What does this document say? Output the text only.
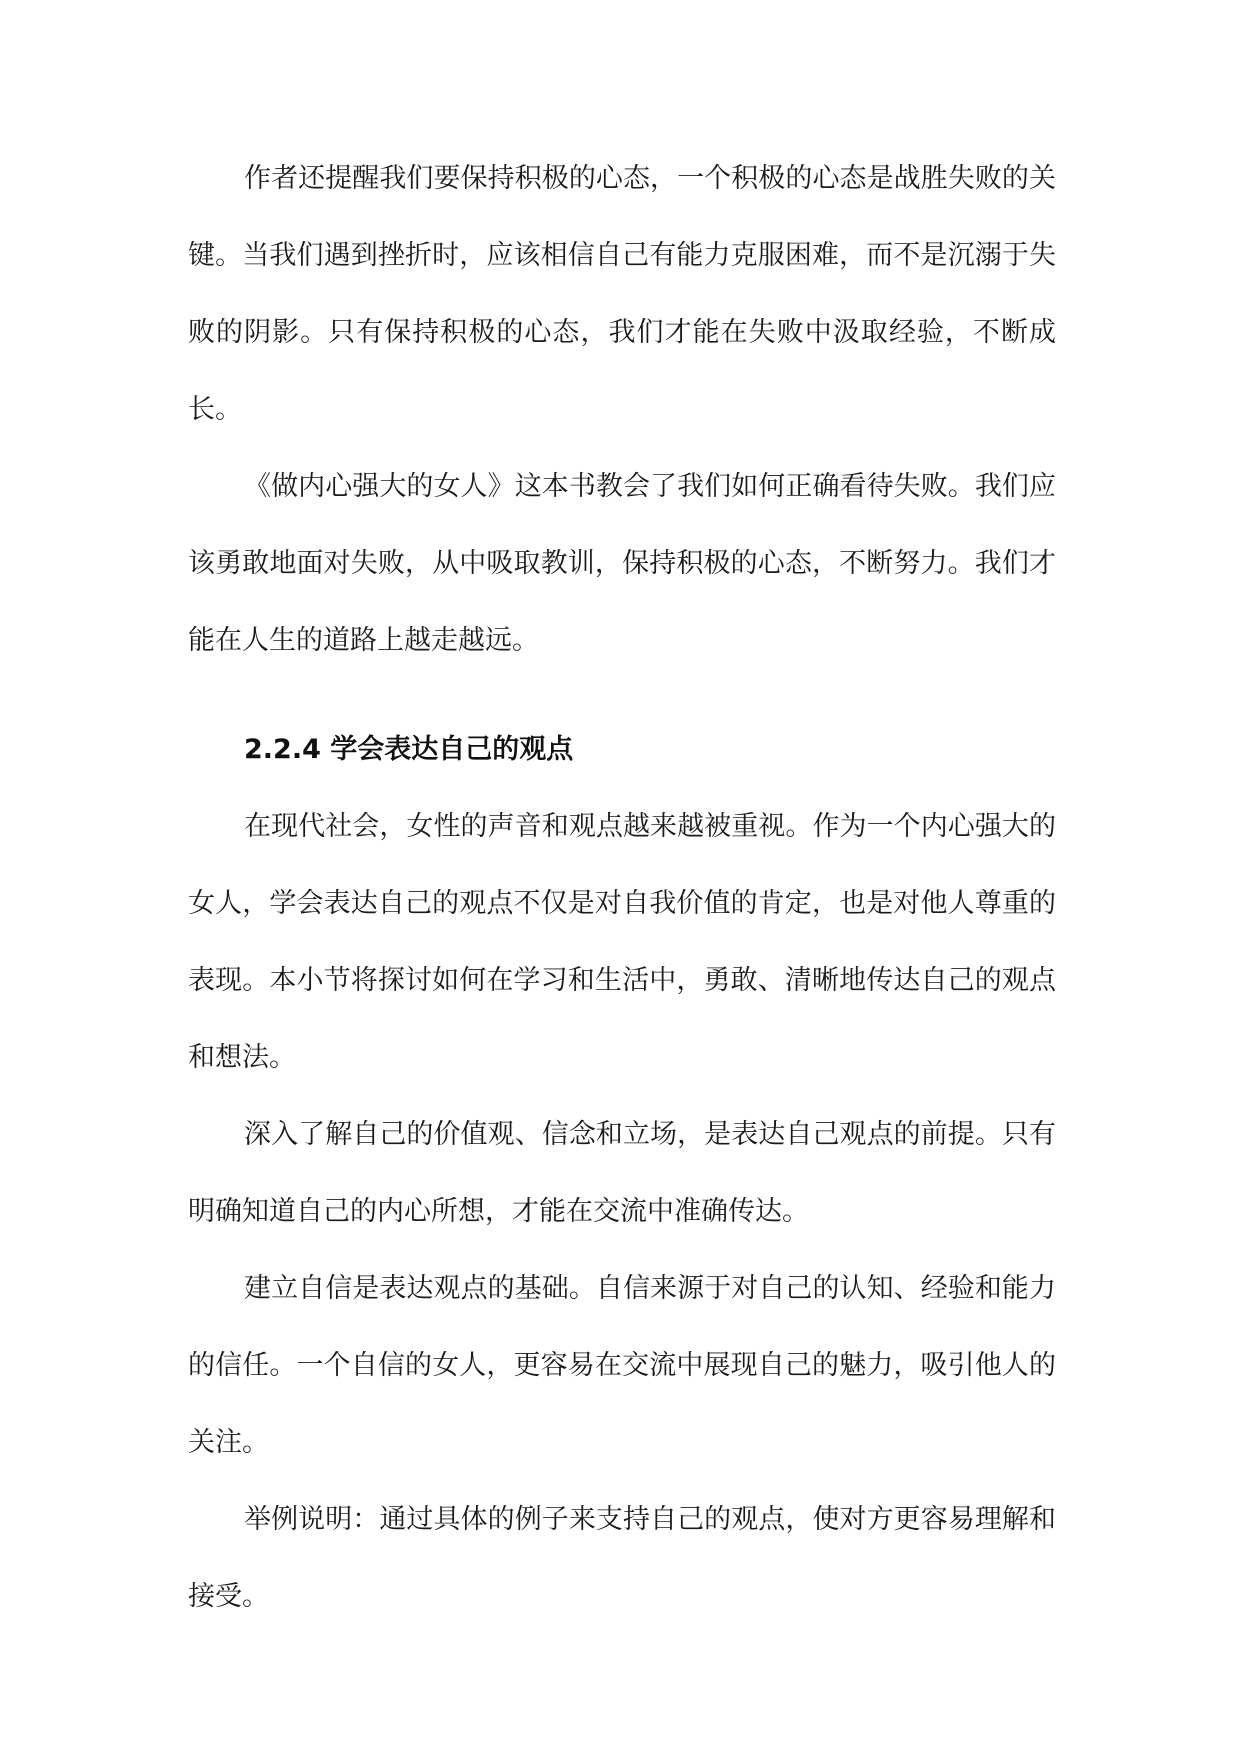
作者还提醒我们要保持积极的心态，一个积极的心态是战胜失败的关键。当我们遇到挫折时，应该相信自己有能力克服困难，而不是沉溺于失败的阴影。只有保持积极的心态，我们才能在失败中汲取经验，不断成长。

《做内心强大的女人》这本书教会了我们如何正确看待失败。我们应该勇敢地面对失败，从中吸取教训，保持积极的心态，不断努力。我们才能在人生的道路上越走越远。

2.2.4 学会表达自己的观点

在现代社会，女性的声音和观点越来越被重视。作为一个内心强大的女人，学会表达自己的观点不仅是对自我价值的肯定，也是对他人尊重的表现。本小节将探讨如何在学习和生活中，勇敢、清晰地传达自己的观点和想法。

深入了解自己的价值观、信念和立场，是表达自己观点的前提。只有明确知道自己的内心所想，才能在交流中准确传达。

建立自信是表达观点的基础。自信来源于对自己的认知、经验和能力的信任。一个自信的女人，更容易在交流中展现自己的魅力，吸引他人的关注。

举例说明：通过具体的例子来支持自己的观点，使对方更容易理解和接受。
